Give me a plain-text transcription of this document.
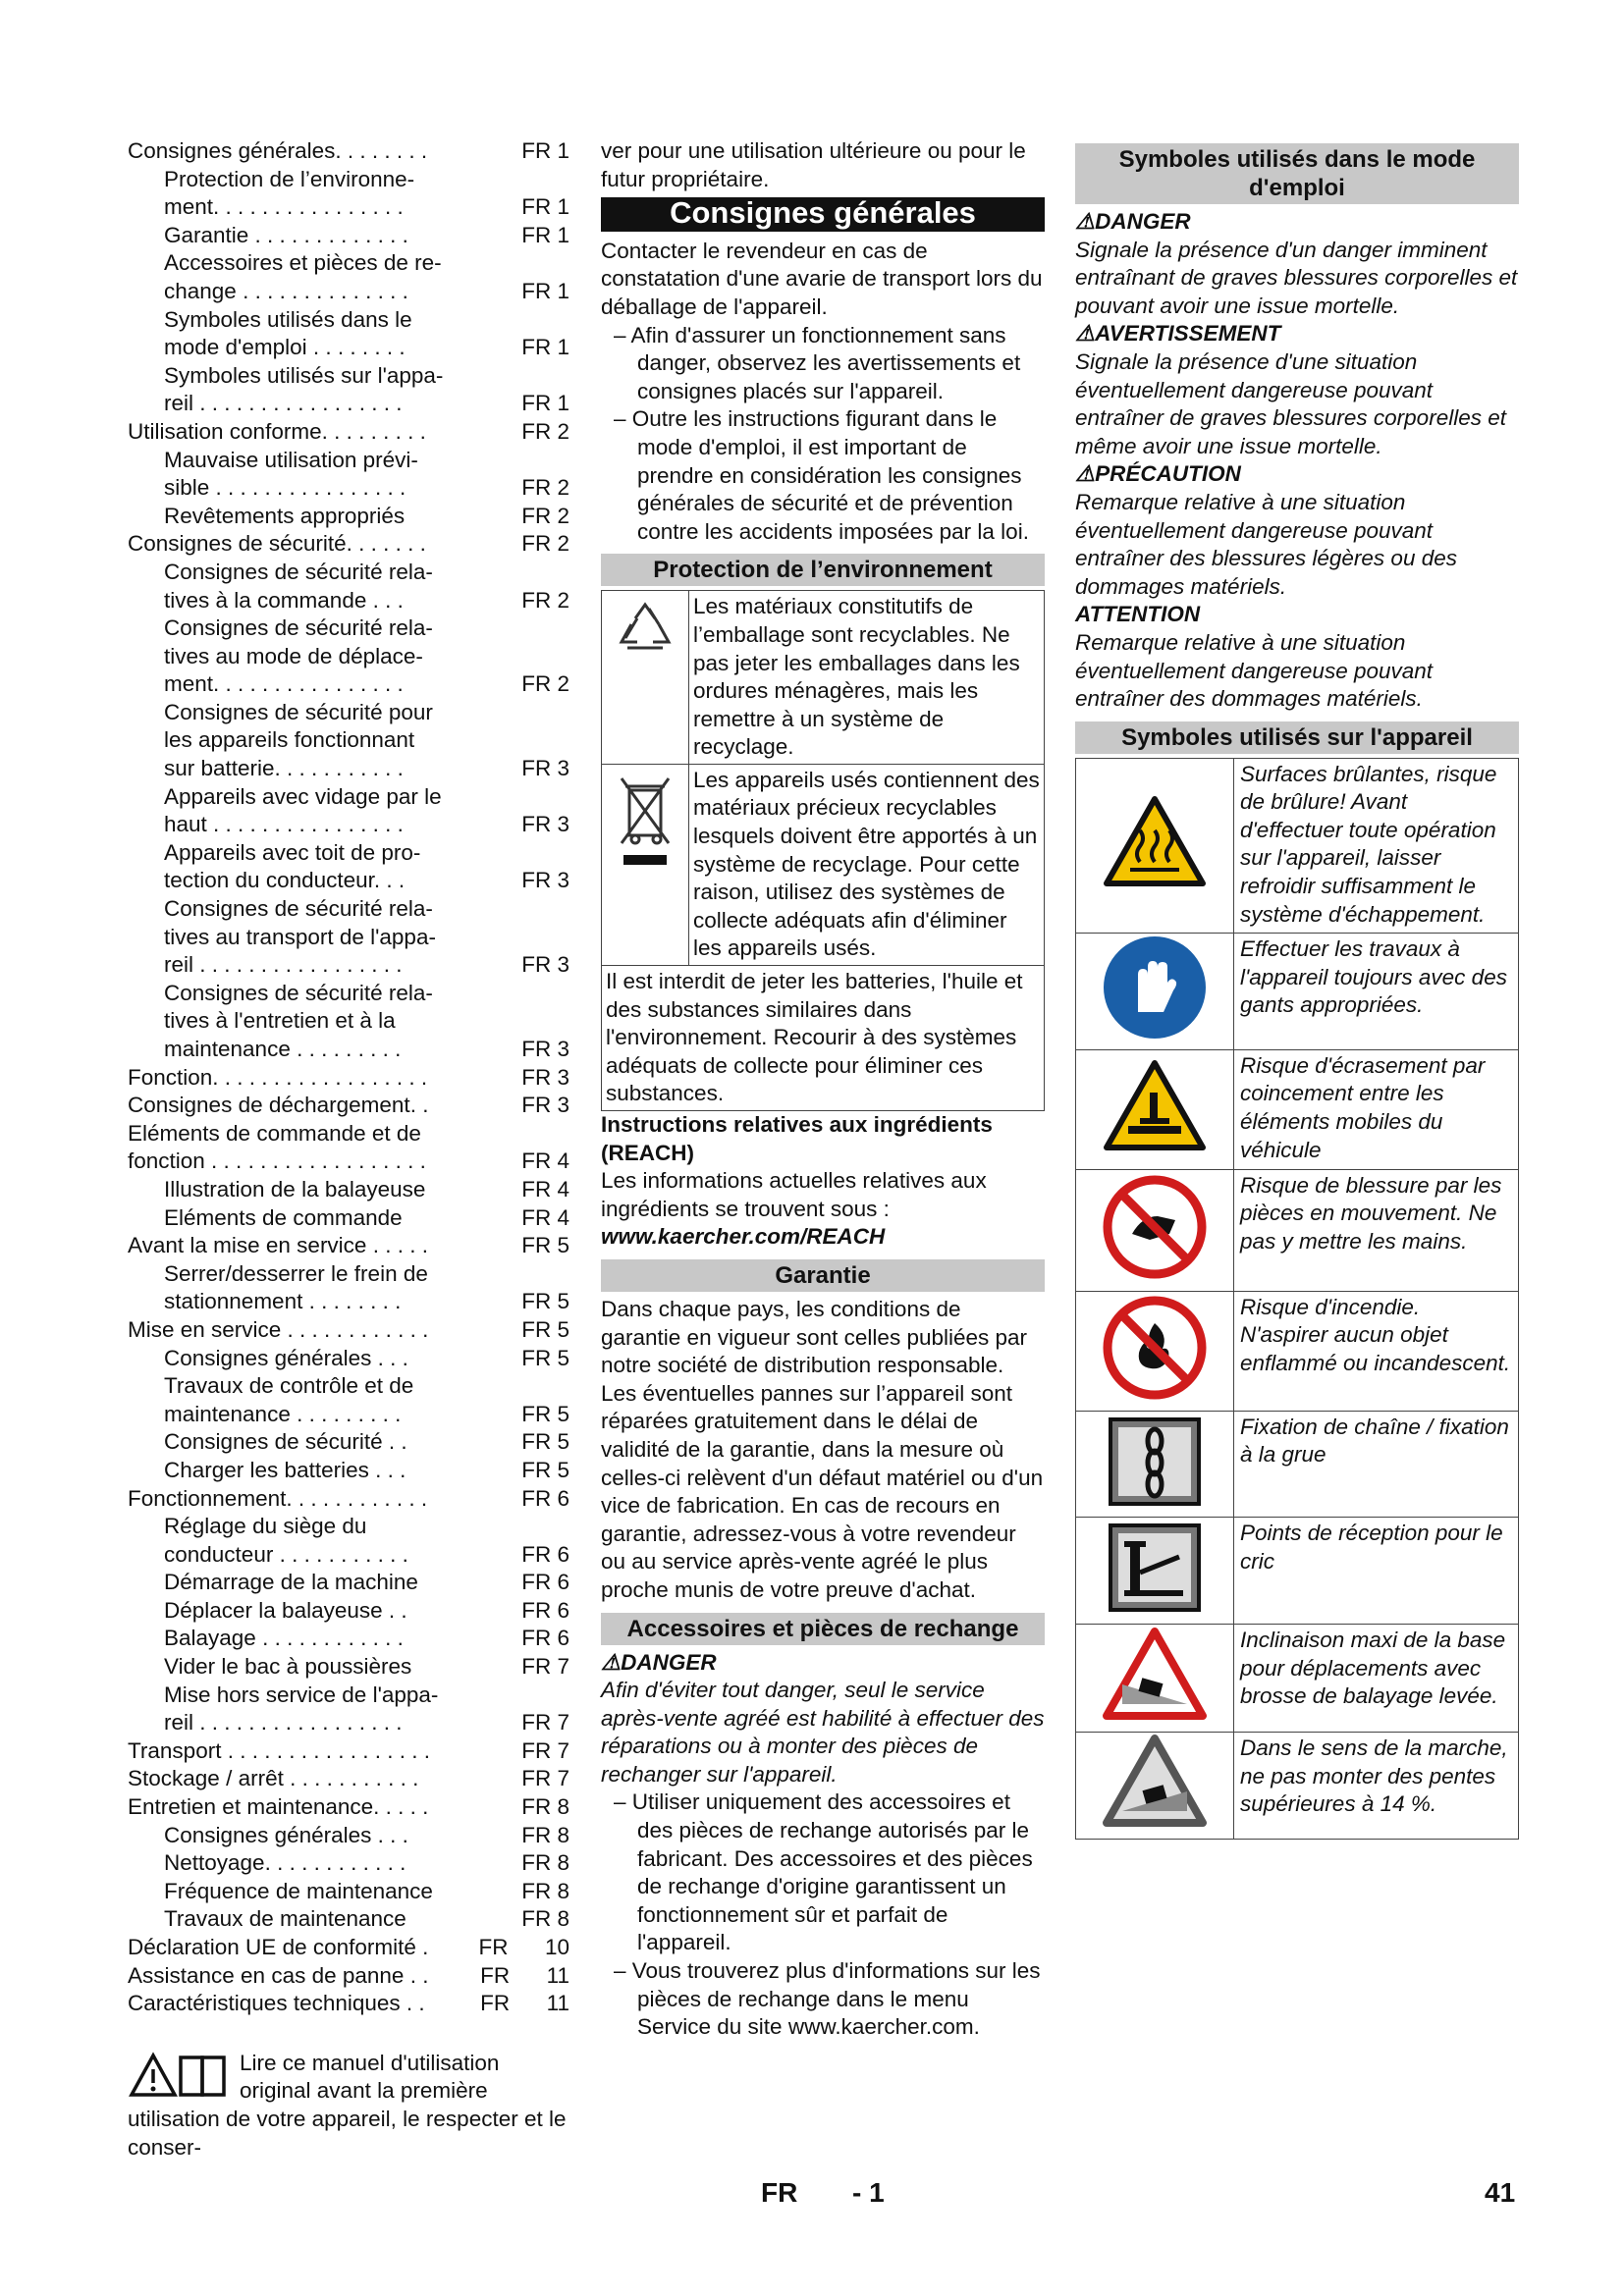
Consignes générales. . . . . . . .	FR 1
Protection de l’environne-
ment. . . . . . . . . . . . . . . .	FR 1
Garantie . . . . . . . . . . . . .	FR 1
Accessoires et pièces de re-
change . . . . . . . . . . . . . .	FR 1
Symboles utilisés dans le
mode d'emploi . . . . . . . .	FR 1
Symboles utilisés sur l'appa-
reil . . . . . . . . . . . . . . . . .	FR 1
Utilisation conforme. . . . . . . . .	FR 2
Mauvaise utilisation prévi-
sible . . . . . . . . . . . . . . . .	FR 2
Revêtements appropriés	FR 2
Consignes de sécurité. . . . . . .	FR 2
Consignes de sécurité rela-
tives à la commande . . .	FR 2
Consignes de sécurité rela-
tives au mode de déplace-
ment. . . . . . . . . . . . . . . .	FR 2
Consignes de sécurité pour
les appareils fonctionnant
sur batterie. . . . . . . . . . .	FR 3
Appareils avec vidage par le
haut . . . . . . . . . . . . . . . .	FR 3
Appareils avec toit de pro-
tection du conducteur. . .	FR 3
Consignes de sécurité rela-
tives au transport de l'appa-
reil . . . . . . . . . . . . . . . . .	FR 3
Consignes de sécurité rela-
tives à l'entretien et à la
maintenance . . . . . . . . .	FR 3
Fonction. . . . . . . . . . . . . . . . . .	FR 3
Consignes de déchargement. .	FR 3
Eléments de commande et de
fonction . . . . . . . . . . . . . . . . . .	FR 4
Illustration de la balayeuse	FR 4
Eléments de commande	FR 4
Avant la mise en service . . . . .	FR 5
Serrer/desserrer le frein de
stationnement . . . . . . . .	FR 5
Mise en service . . . . . . . . . . . .	FR 5
Consignes générales . . .	FR 5
Travaux de contrôle et de
maintenance . . . . . . . . .	FR 5
Consignes de sécurité . .	FR 5
Charger les batteries . . .	FR 5
Fonctionnement. . . . . . . . . . . .	FR 6
Réglage du siège du
conducteur . . . . . . . . . . .	FR 6
Démarrage de la machine	FR 6
Déplacer la balayeuse . .	FR 6
Balayage . . . . . . . . . . . .	FR 6
Vider le bac à poussières	FR 7
Mise hors service de l'appa-
reil . . . . . . . . . . . . . . . . .	FR 7
Transport . . . . . . . . . . . . . . . . .	FR 7
Stockage / arrêt . . . . . . . . . . .	FR 7
Entretien et maintenance. . . . .	FR 8
Consignes générales . . .	FR 8
Nettoyage. . . . . . . . . . . .	FR 8
Fréquence de maintenance	FR 8
Travaux de maintenance	FR 8
Déclaration UE de conformité .	FR      10
Assistance en cas de panne . .	FR      11
Caractéristiques techniques . .	FR      11

Lire ce manuel d'utilisation original avant la première utilisation de votre appareil, le respecter et le conser-

ver pour une utilisation ultérieure ou pour le futur propriétaire.

Consignes générales

Contacter le revendeur en cas de constatation d'une avarie de transport lors du déballage de l'appareil.

– Afin d'assurer un fonctionnement sans danger, observez les avertissements et consignes placés sur l'appareil.

– Outre les instructions figurant dans le mode d'emploi, il est important de prendre en considération les consignes générales de sécurité et de prévention contre les accidents imposées par la loi.

Protection de l’environnement
	Les matériaux constitutifs de l’emballage sont recyclables. Ne pas jeter les emballages dans les ordures ménagères, mais les remettre à un système de recyclage.
	Les appareils usés contiennent des matériaux précieux recyclables lesquels doivent être apportés à un système de recyclage. Pour cette raison, utilisez des systèmes de collecte adéquats afin d'éliminer les appareils usés.
Il est interdit de jeter les batteries, l'huile et des substances similaires dans l'environnement. Recourir à des systèmes adéquats de collecte pour éliminer ces substances.	

Instructions relatives aux ingrédients (REACH)

Les informations actuelles relatives aux ingrédients se trouvent sous :

www.kaercher.com/REACH

Garantie

Dans chaque pays, les conditions de garantie en vigueur sont celles publiées par notre société de distribution responsable. Les éventuelles pannes sur l’appareil sont réparées gratuitement dans le délai de validité de la garantie, dans la mesure où celles-ci relèvent d'un défaut matériel ou d'un vice de fabrication. En cas de recours en garantie, adressez-vous à votre revendeur ou au service après-vente agréé le plus proche munis de votre preuve d'achat.

Accessoires et pièces de rechange

⚠DANGER

Afin d'éviter tout danger, seul le service après-vente agréé est habilité à effectuer des réparations ou à monter des pièces de rechanger sur l'appareil.

– Utiliser uniquement des accessoires et des pièces de rechange autorisés par le fabricant. Des accessoires et des pièces de rechange d'origine garantissent un fonctionnement sûr et parfait de l'appareil.

– Vous trouverez plus d'informations sur les pièces de rechange dans le menu Service du site www.kaercher.com.

Symboles utilisés dans le mode d'emploi

⚠DANGER

Signale la présence d'un danger imminent entraînant de graves blessures corporelles et pouvant avoir une issue mortelle.

⚠AVERTISSEMENT

Signale la présence d'une situation éventuellement dangereuse pouvant entraîner de graves blessures corporelles et même avoir une issue mortelle.

⚠PRÉCAUTION

Remarque relative à une situation éventuellement dangereuse pouvant entraîner des blessures légères ou des dommages matériels.

ATTENTION

Remarque relative à une situation éventuellement dangereuse pouvant entraîner des dommages matériels.

Symboles utilisés sur l'appareil
	Surfaces brûlantes, risque de brûlure! Avant d'effectuer toute opération sur l'appareil, laisser refroidir suffisamment le système d'échappement.
	Effectuer les travaux à l'appareil toujours avec des gants appropriées.
	Risque d'écrasement par coincement entre les éléments mobiles du véhicule
	Risque de blessure par les pièces en mouvement. Ne pas y mettre les mains.
	Risque d'incendie. N'aspirer aucun objet enflammé ou incandescent.
	Fixation de chaîne / fixation à la grue
	Points de réception pour le cric
	Inclinaison maxi de la base pour déplacements avec brosse de balayage levée.
	Dans le sens de la marche, ne pas monter des pentes supérieures à 14 %.
FR - 1	41
